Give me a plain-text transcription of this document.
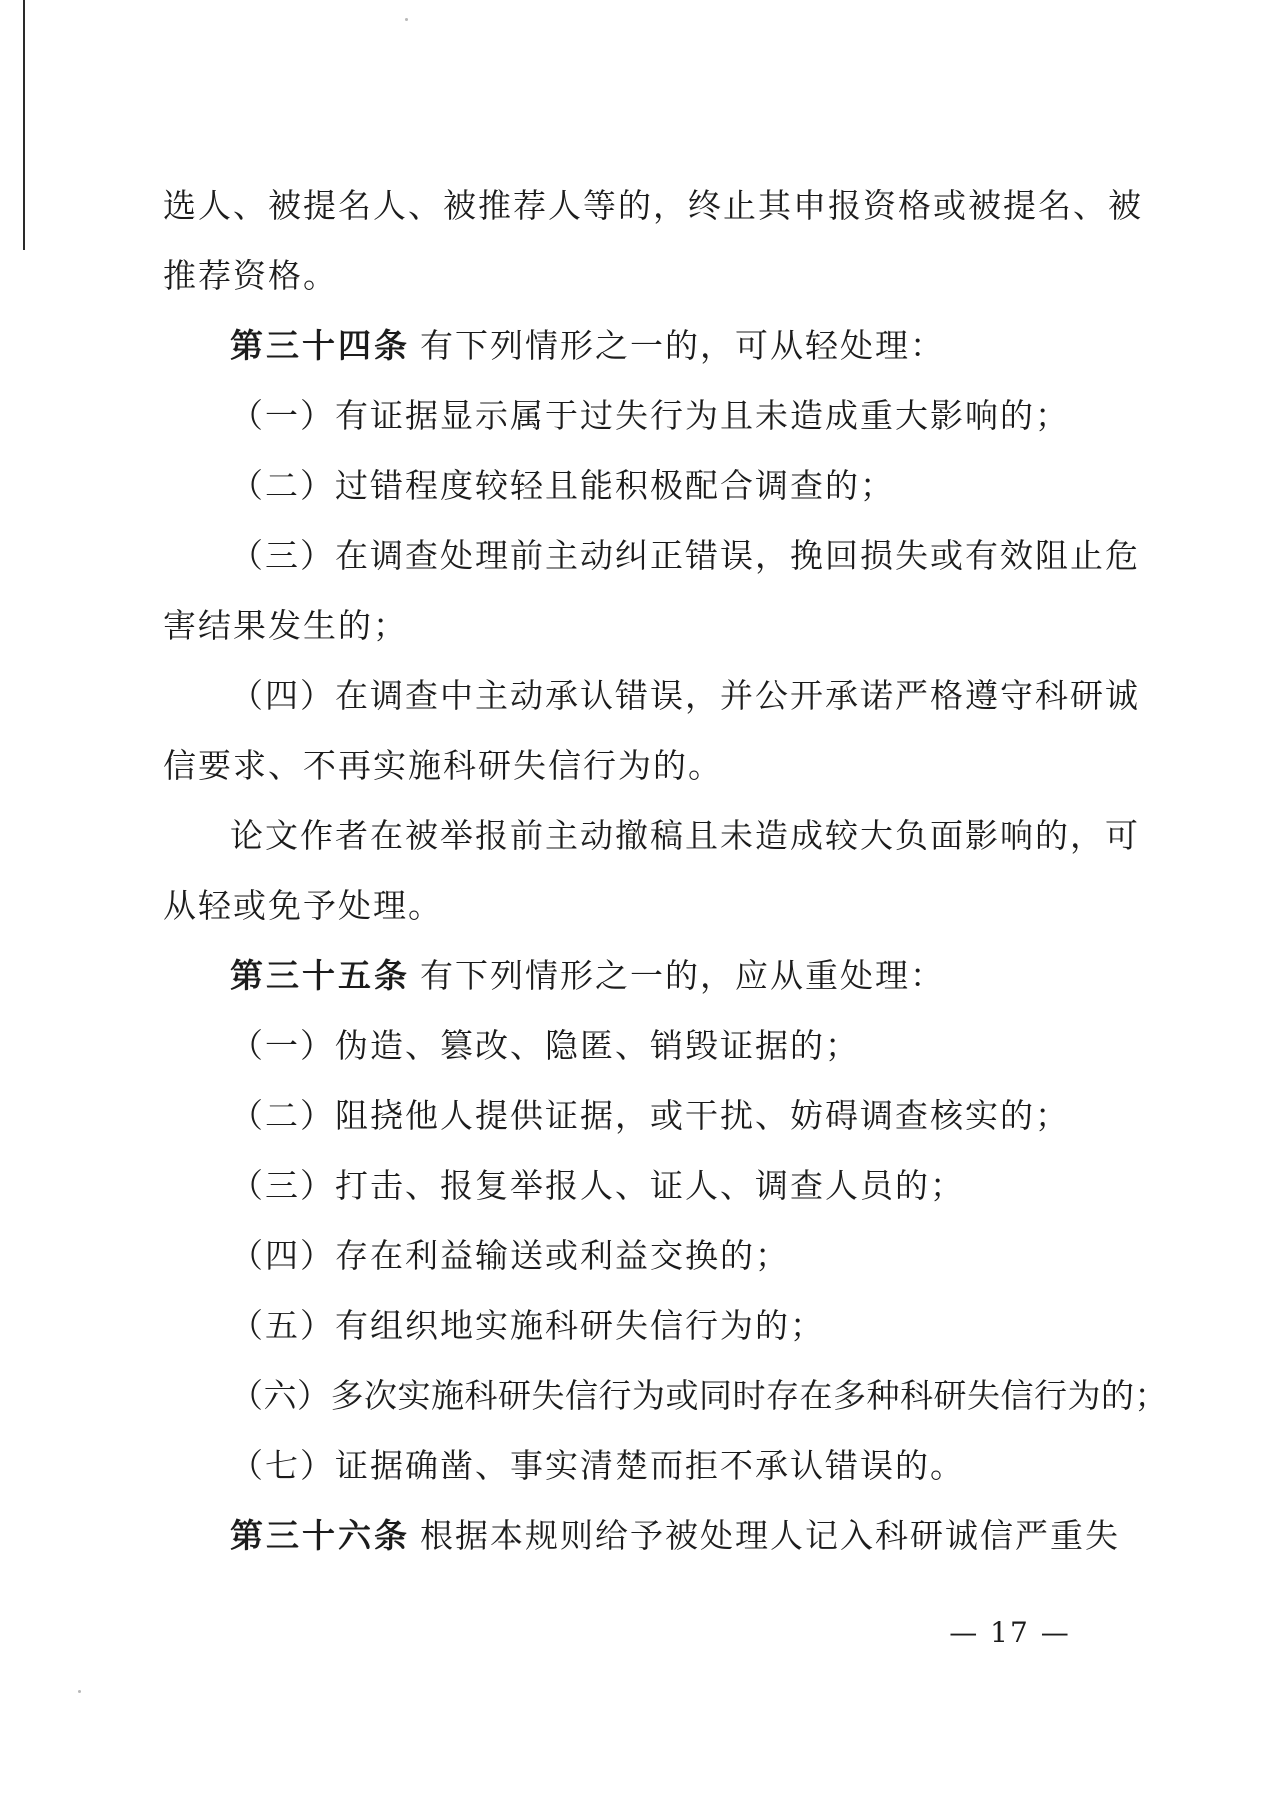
选人、被提名人、被推荐人等的，终止其申报资格或被提名、被
推荐资格。
第三十四条 有下列情形之一的，可从轻处理：
（一）有证据显示属于过失行为且未造成重大影响的；
（二）过错程度较轻且能积极配合调查的；
（三）在调查处理前主动纠正错误，挽回损失或有效阻止危
害结果发生的；
（四）在调查中主动承认错误，并公开承诺严格遵守科研诚
信要求、不再实施科研失信行为的。
论文作者在被举报前主动撤稿且未造成较大负面影响的，可
从轻或免予处理。
第三十五条 有下列情形之一的，应从重处理：
（一）伪造、篡改、隐匿、销毁证据的；
（二）阻挠他人提供证据，或干扰、妨碍调查核实的；
（三）打击、报复举报人、证人、调查人员的；
（四）存在利益输送或利益交换的；
（五）有组织地实施科研失信行为的；
（六）多次实施科研失信行为或同时存在多种科研失信行为的；
（七）证据确凿、事实清楚而拒不承认错误的。
第三十六条 根据本规则给予被处理人记入科研诚信严重失
— 17 —
